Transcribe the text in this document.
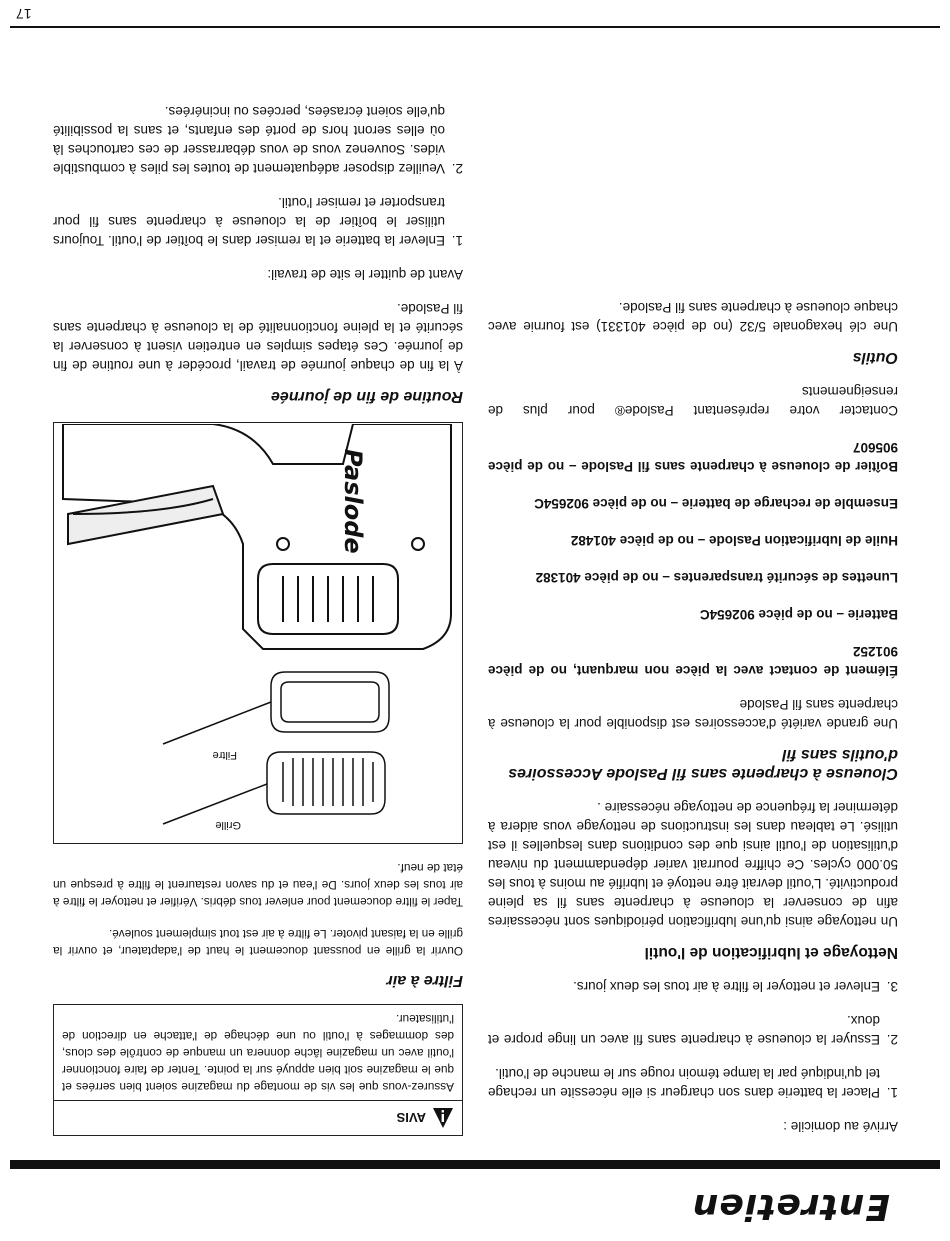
Entretien

Arrivé au domicile :

1.
Placer la batterie dans son chargeur si elle nécessite un rechage tel qu'indiqué par la lampe témoin rouge sur le manche de l'outil.
2.
Essuyer la cloueuse à charpente sans fil avec un linge propre et doux.
3.
Enlever et nettoyer le filtre à air tous les deux jours.
Nettoyage et lubrification de l'outil

Un nettoyage ainsi qu'une lubrification périodiques sont nécessaires afin de conserver la cloueuse à charpente sans fil sa pleine productivité. L'outil devrait être nettoyé et lubrifié au moins à tous les 50.000 cycles. Ce chiffre pourrait varier dépendamment du niveau d'utilisation de l'outil ainsi que des conditions dans lesquelles il est utilisé. Le tableau dans les instructions de nettoyage vous aidera à déterminer la fréquence de nettoyage nécessaire .

Cloueuse à charpente sans fil Paslode Accessoires d'outils sans fil

Une grande variété d'accessoires est disponible pour la cloueuse à charpente sans fil Paslode

Élément de contact avec la pièce non marquant, no de pièce 901252
Batterie – no de pièce 902654C
Lunettes de sécurité transparentes – no de pièce 401382
Huile de lubrification Paslode – no de pièce 401482
Ensemble de recharge de batterie – no de pièce 902654C
Boîtier de cloueuse à charpente sans fil Paslode – no de pièce 905607

Contacter votre représentant Paslode® pour plus de renseignements

Outils

Une clé hexagonale 5/32 (no de pièce 401331) est fournie avec chaque cloueuse à charpente sans fil Paslode.

AVIS
Assurez-vous que les vis de montage du magazine soient bien serrées et que le magazine soit bien appuyé sur la pointe. Tenter de faire fonctionner l'outil avec un magazine lâche donnera un manque de contrôle des clous, des dommages à l'outil ou une déchage de l'attache en direction de l'utilisateur.
Filtre à air

Ouvrir la grille en poussant doucement le haut de l'adaptateur, et ouvrir la grille en la faisant pivoter. Le filtre à air est tout simplement soulevé.

Taper le filtre doucement pour enlever tous débris. Vérifier et nettoyer le filtre à air tous les deux jours. De l'eau et du savon restaurent le filtre à presque un état de neuf.

Paslode
Grille
Filtre
Routine de fin de journée

À la fin de chaque journée de travail, procéder à une routine de fin de journée. Ces étapes simples en entretien visent à conserver la sécurité et la pleine fonctionnalité de la cloueuse à charpente sans fil Paslode.

Avant de quitter le site de travail:

1.
Enlever la batterie et la remiser dans le boîtier de l'outil. Toujours utiliser le boîtier de la cloueuse à charpente sans fil pour transporter et remiser l'outil.
2.
Veuillez disposer adéquatement de toutes les piles à combustible vides. Souvenez vous de vous débarrasser de ces cartouches là où elles seront hors de porté des enfants, et sans la possibilité qu'elle soient écrasées, percées ou incinérées.
17
